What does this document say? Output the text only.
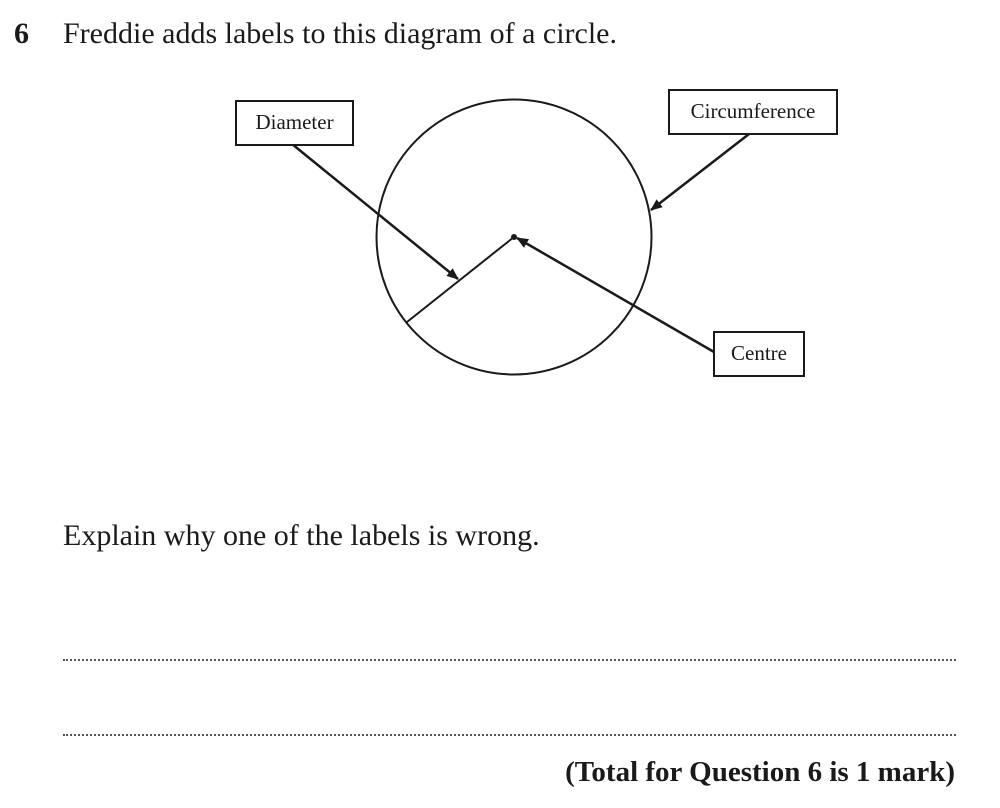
6 Freddie adds labels to this diagram of a circle.
Diameter	Circumference
Centre
Explain why one of the labels is wrong.
(Total for Question 6 is 1 mark)
